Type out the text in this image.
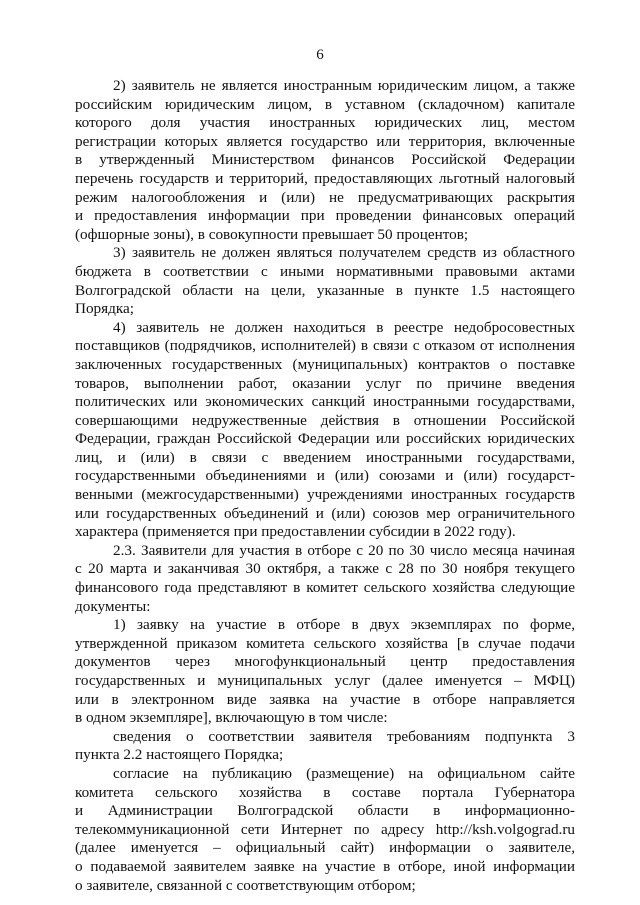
6
2) заявитель не является иностранным юридическим лицом, а также
российским юридическим лицом, в уставном (складочном) капитале
которого доля участия иностранных юридических лиц, местом
регистрации которых является государство или территория, включенные
в утвержденный Министерством финансов Российской Федерации
перечень государств и территорий, предоставляющих льготный налоговый
режим налогообложения и (или) не предусматривающих раскрытия
и предоставления информации при проведении финансовых операций
(офшорные зоны), в совокупности превышает 50 процентов;
3) заявитель не должен являться получателем средств из областного
бюджета в соответствии с иными нормативными правовыми актами
Волгоградской области на цели, указанные в пункте 1.5 настоящего
Порядка;
4) заявитель не должен находиться в реестре недобросовестных
поставщиков (подрядчиков, исполнителей) в связи с отказом от исполнения
заключенных государственных (муниципальных) контрактов о поставке
товаров, выполнении работ, оказании услуг по причине введения
политических или экономических санкций иностранными государствами,
совершающими недружественные действия в отношении Российской
Федерации, граждан Российской Федерации или российских юридических
лиц, и (или) в связи с введением иностранными государствами,
государственными объединениями и (или) союзами и (или) государст-
венными (межгосударственными) учреждениями иностранных государств
или государственных объединений и (или) союзов мер ограничительного
характера (применяется при предоставлении субсидии в 2022 году).
2.3. Заявители для участия в отборе с 20 по 30 число месяца начиная
с 20 марта и заканчивая 30 октября, а также с 28 по 30 ноября текущего
финансового года представляют в комитет сельского хозяйства следующие
документы:
1) заявку на участие в отборе в двух экземплярах по форме,
утвержденной приказом комитета сельского хозяйства [в случае подачи
документов через многофункциональный центр предоставления
государственных и муниципальных услуг (далее именуется – МФЦ)
или в электронном виде заявка на участие в отборе направляется
в одном экземпляре], включающую в том числе:
сведения о соответствии заявителя требованиям подпункта 3
пункта 2.2 настоящего Порядка;
согласие на публикацию (размещение) на официальном сайте
комитета сельского хозяйства в составе портала Губернатора
и Администрации Волгоградской области в информационно-
телекоммуникационной сети Интернет по адресу http://ksh.volgograd.ru
(далее именуется – официальный сайт) информации о заявителе,
о подаваемой заявителем заявке на участие в отборе, иной информации
о заявителе, связанной с соответствующим отбором;
